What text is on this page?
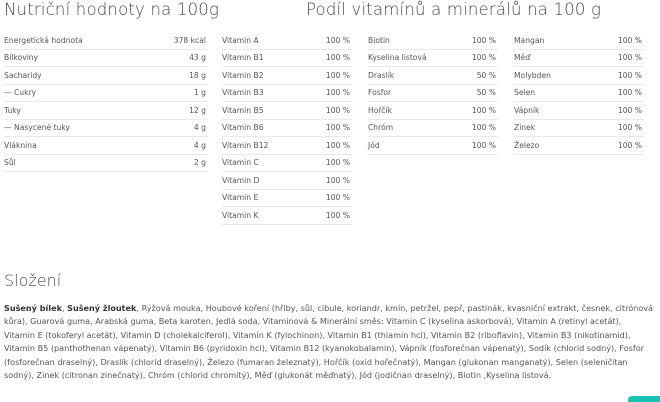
Nutriční hodnoty na 100g	Podíl vitamínů a minerálů na 100 g
Energetická hodnota	378 kcal
Bílkoviny	43 g
Sacharidy	18 g
— Cukry	1 g
Tuky	12 g
— Nasycené tuky	4 g
Vláknina	4 g
Sůl	2 g
Vitamin A	100 %
Vitamin B1	100 %
Vitamin B2	100 %
Vitamin B3	100 %
Vitamin B5	100 %
Vitamin B6	100 %
Vitamin B12	100 %
Vitamin C	100 %
Vitamin D	100 %
Vitamin E	100 %
Vitamin K	100 %
Biotin	100 %
Kyselina listová	100 %
Draslík	50 %
Fosfor	50 %
Hořčík	100 %
Chróm	100 %
Jód	100 %
Mangan	100 %
Měď	100 %
Molybden	100 %
Selen	100 %
Vápník	100 %
Zinek	100 %
Železo	100 %
Složení
Sušený bílek, Sušený žloutek, Rýžová mouka, Houbové koření (hřiby, sůl, cibule, koriandr, kmín, petržel, pepř, pastinák, kvasniční extrakt, česnek, citrónová kůra), Guarová guma, Arabská guma, Beta karoten, Jedlá soda, Vitaminová & Minerální směs: Vitamin C (kyselina askorbová), Vitamin A (retinyl acetát), Vitamin E (tokoferyl acetát), Vitamin D (cholekalciferol), Vitamin K (fylochinon), Vitamin B1 (thiamin hcl), Vitamin B2 (riboflavin), Vitamin B3 (nikotinamid), Vitamin B5 (panthothenan vápenatý), Vitamin B6 (pyridoxin hcl), Vitamin B12 (kyanokobalamin), Vápník (fosforečnan vápenatý), Sodík (chlorid sodný), Fosfor (fosforečnan draselný), Draslík (chlorid draselný), Železo (fumaran železnatý), Hořčík (oxid hořečnatý), Mangan (glukonan manganatý), Selen (seleničitan sodný), Zinek (citronan zinečnatý), Chróm (chlorid chromitý), Měď (glukonát měďnatý), Jód (jodičnan draselný), Biotin ,Kyselina listová.
